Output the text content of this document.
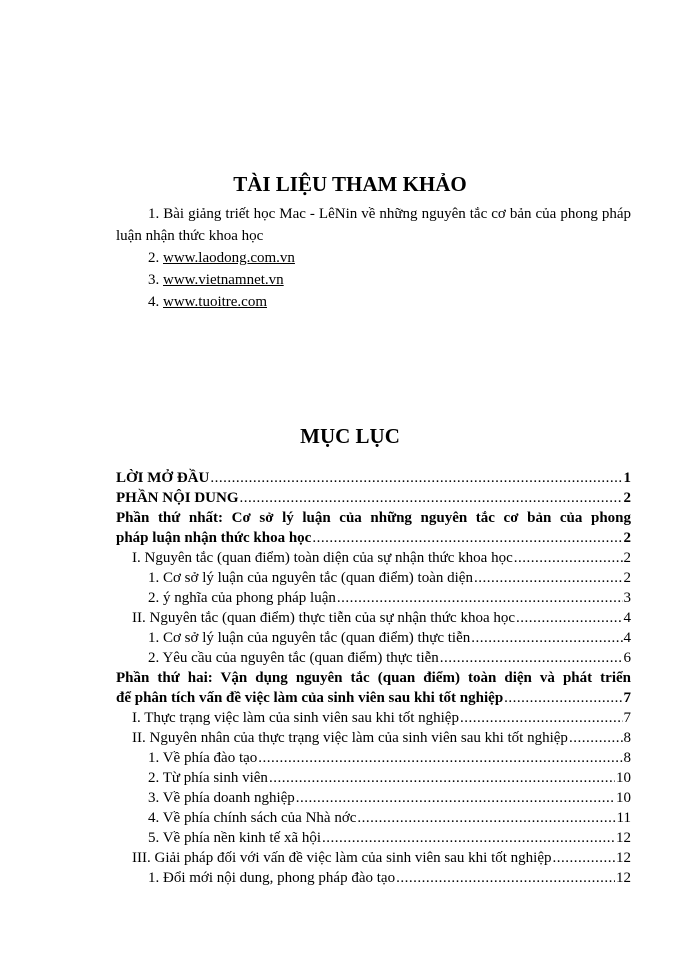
TÀI LIỆU THAM KHẢO
1. Bài giảng triết học Mac - LêNin về những nguyên tắc cơ bản của phong pháp luận nhận thức khoa học
2. www.laodong.com.vn
3. www.vietnamnet.vn
4. www.tuoitre.com
MỤC LỤC
LỜI MỞ ĐẦU .....	1
PHẦN NỘI DUNG .....	2
Phần thứ nhất: Cơ sở lý luận của những nguyên tắc cơ bản của phong
pháp luận nhận thức khoa học .....	2
I. Nguyên tắc (quan điểm) toàn diện của sự nhận thức khoa học .....	2
1. Cơ sở lý luận của nguyên tắc (quan điểm) toàn diện .....	2
2. ý nghĩa của phong pháp luận .....	3
II. Nguyên tắc (quan điểm) thực tiễn của sự nhận thức khoa học .....	4
1. Cơ sở lý luận của nguyên tắc (quan điểm) thực tiễn .....	4
2. Yêu cầu của nguyên tắc (quan điểm) thực tiễn .....	6
Phần thứ hai: Vận dụng nguyên tắc (quan điểm) toàn diện và phát triển
để phân tích vấn đề việc làm của sinh viên sau khi tốt nghiệp .....	7
I. Thực trạng việc làm của sinh viên sau khi tốt nghiệp .....	7
II. Nguyên nhân của thực trạng việc làm của sinh viên sau khi tốt nghiệp .....	8
1. Về phía đào tạo .....	8
2. Từ phía sinh viên .....	10
3. Về phía doanh nghiệp .....	10
4. Về phía chính sách của Nhà nớc .....	11
5. Về phía nền kinh tế xã hội .....	12
III. Giải pháp đối với vấn đề việc làm của sinh viên sau khi tốt nghiệp .....	12
1. Đổi mới nội dung, phong pháp đào tạo .....	12
